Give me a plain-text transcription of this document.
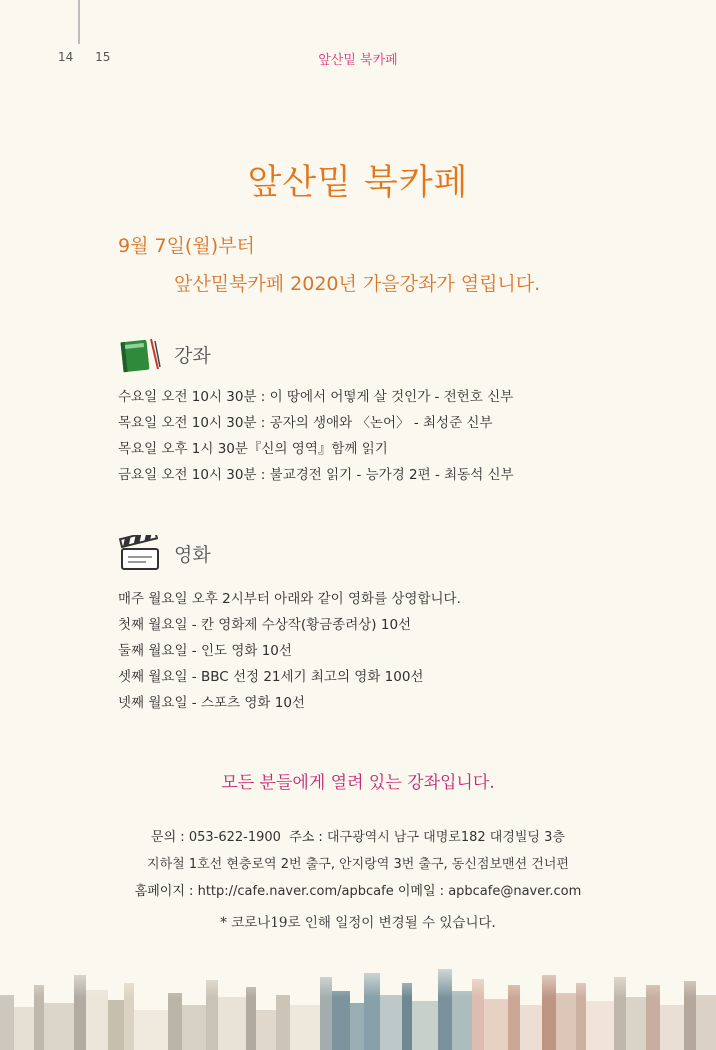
14 15	앞산밑 북카페
앞산밑 북카페
9월 7일(월)부터
앞산밑북카페 2020년 가을강좌가 열립니다.
강좌
수요일 오전 10시 30분 : 이 땅에서 어떻게 살 것인가 - 전헌호 신부
목요일 오전 10시 30분 : 공자의 생애와 〈논어〉 - 최성준 신부
목요일 오후 1시 30분『신의 영역』함께 읽기
금요일 오전 10시 30분 : 불교경전 읽기 - 능가경 2편 - 최동석 신부
영화
매주 월요일 오후 2시부터 아래와 같이 영화를 상영합니다.
첫째 월요일 - 칸 영화제 수상작(황금종려상) 10선
둘째 월요일 - 인도 영화 10선
셋째 월요일 - BBC 선정 21세기 최고의 영화 100선
넷째 월요일 - 스포츠 영화 10선
모든 분들에게 열려 있는 강좌입니다.
문의 : 053-622-1900 주소 : 대구광역시 남구 대명로182 대경빌딩 3층
지하철 1호선 현충로역 2번 출구, 안지랑역 3번 출구, 동신점보맨션 건너편
홈페이지 : http://cafe.naver.com/apbcafe 이메일 : apbcafe@naver.com
* 코로나19로 인해 일정이 변경될 수 있습니다.
